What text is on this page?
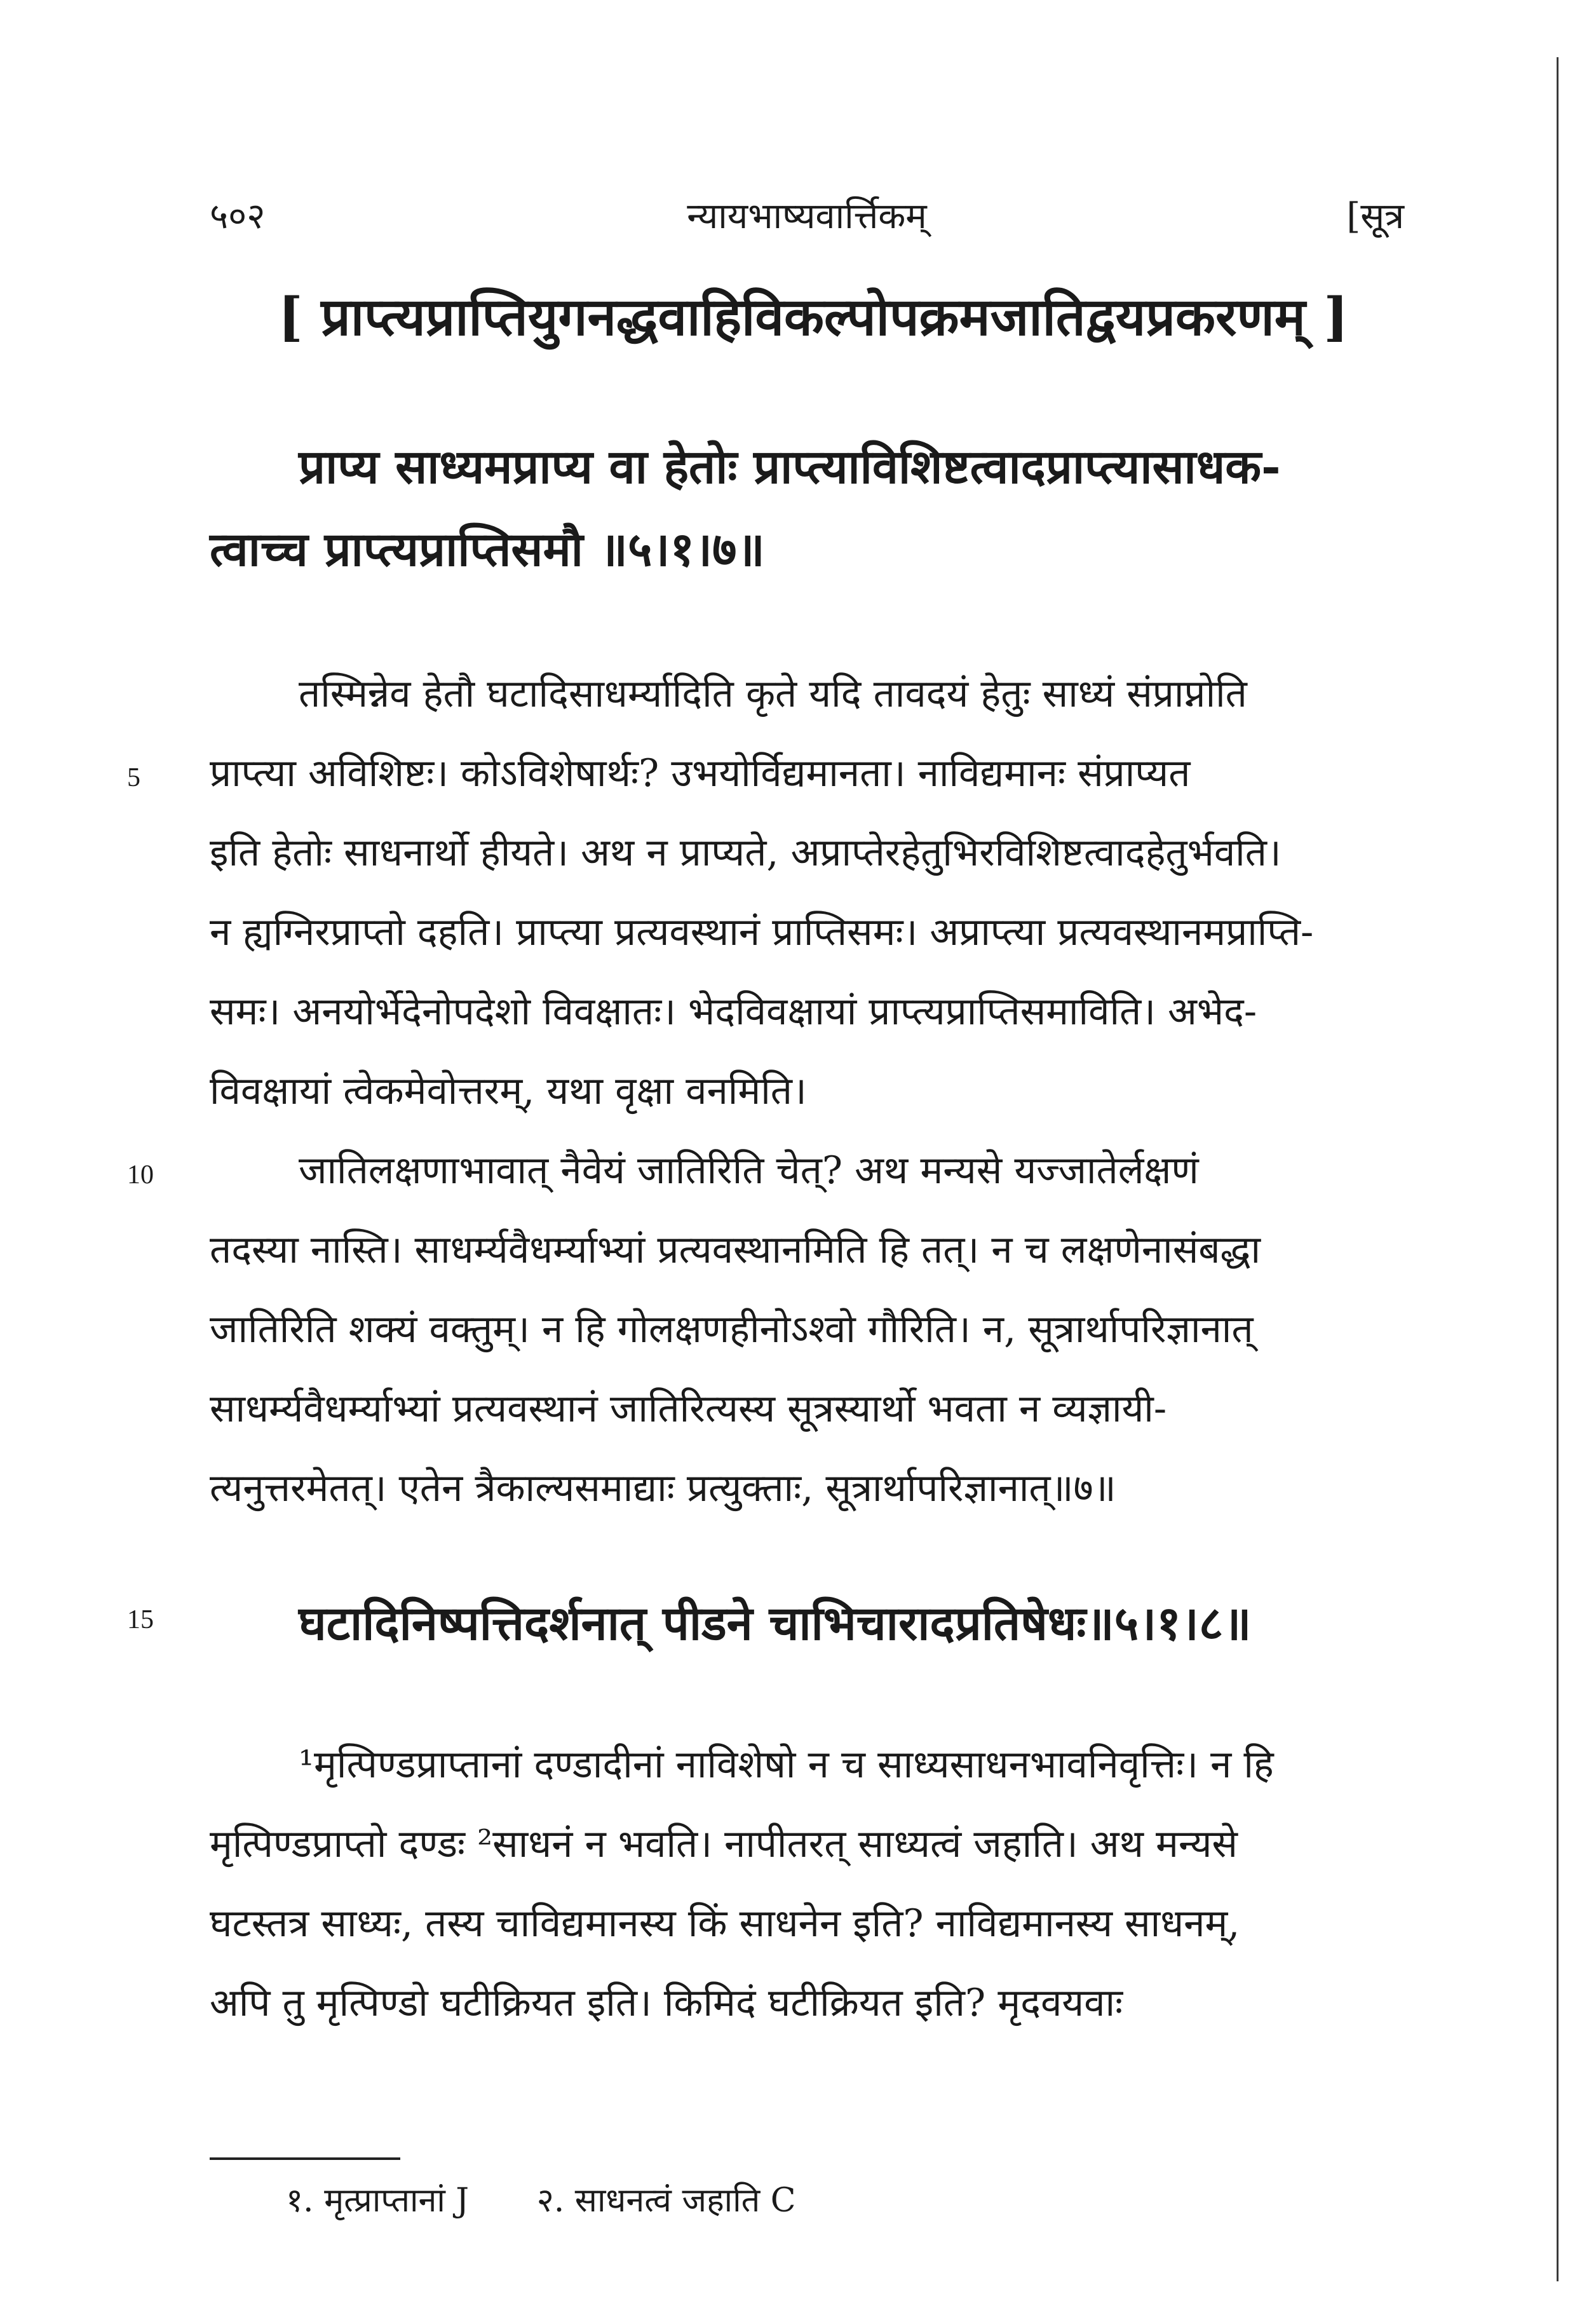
५०२	न्यायभाष्यवार्त्तिकम्	[सूत्र
[ प्राप्त्यप्राप्तियुगनद्धवाहिविकल्पोपक्रमजातिद्वयप्रकरणम् ]
प्राप्य साध्यमप्राप्य वा हेतोः प्राप्त्याविशिष्टत्वादप्राप्त्यासाधक-
त्वाच्च प्राप्त्यप्राप्तिसमौ ॥५।१।७॥
तस्मिन्नेव हेतौ घटादिसाधर्म्यादिति कृते यदि तावदयं हेतुः साध्यं संप्राप्नोति
प्राप्त्या अविशिष्टः। कोऽविशेषार्थः? उभयोर्विद्यमानता। नाविद्यमानः संप्राप्यत
इति हेतोः साधनार्थो हीयते। अथ न प्राप्यते, अप्राप्तेरहेतुभिरविशिष्टत्वादहेतुर्भवति।
न ह्यग्निरप्राप्तो दहति। प्राप्त्या प्रत्यवस्थानं प्राप्तिसमः। अप्राप्त्या प्रत्यवस्थानमप्राप्ति-
समः। अनयोर्भेदेनोपदेशो विवक्षातः। भेदविवक्षायां प्राप्त्यप्राप्तिसमाविति। अभेद-
विवक्षायां त्वेकमेवोत्तरम्, यथा वृक्षा वनमिति।
जातिलक्षणाभावात् नैवेयं जातिरिति चेत्? अथ मन्यसे यज्जातेर्लक्षणं
तदस्या नास्ति। साधर्म्यवैधर्म्याभ्यां प्रत्यवस्थानमिति हि तत्। न च लक्षणेनासंबद्धा
जातिरिति शक्यं वक्तुम्। न हि गोलक्षणहीनोऽश्वो गौरिति। न, सूत्रार्थापरिज्ञानात्
साधर्म्यवैधर्म्याभ्यां प्रत्यवस्थानं जातिरित्यस्य सूत्रस्यार्थो भवता न व्यज्ञायी-
त्यनुत्तरमेतत्। एतेन त्रैकाल्यसमाद्याः प्रत्युक्ताः, सूत्रार्थापरिज्ञानात्॥७॥
घटादिनिष्पत्तिदर्शनात् पीडने चाभिचारादप्रतिषेधः॥५।१।८॥
¹मृत्पिण्डप्राप्तानां दण्डादीनां नाविशेषो न च साध्यसाधनभावनिवृत्तिः। न हि
मृत्पिण्डप्राप्तो दण्डः ²साधनं न भवति। नापीतरत् साध्यत्वं जहाति। अथ मन्यसे
घटस्तत्र साध्यः, तस्य चाविद्यमानस्य किं साधनेन इति? नाविद्यमानस्य साधनम्,
अपि तु मृत्पिण्डो घटीक्रियत इति। किमिदं घटीक्रियत इति? मृदवयवाः
5
10
15
१. मृत्प्राप्तानां J २. साधनत्वं जहाति C
